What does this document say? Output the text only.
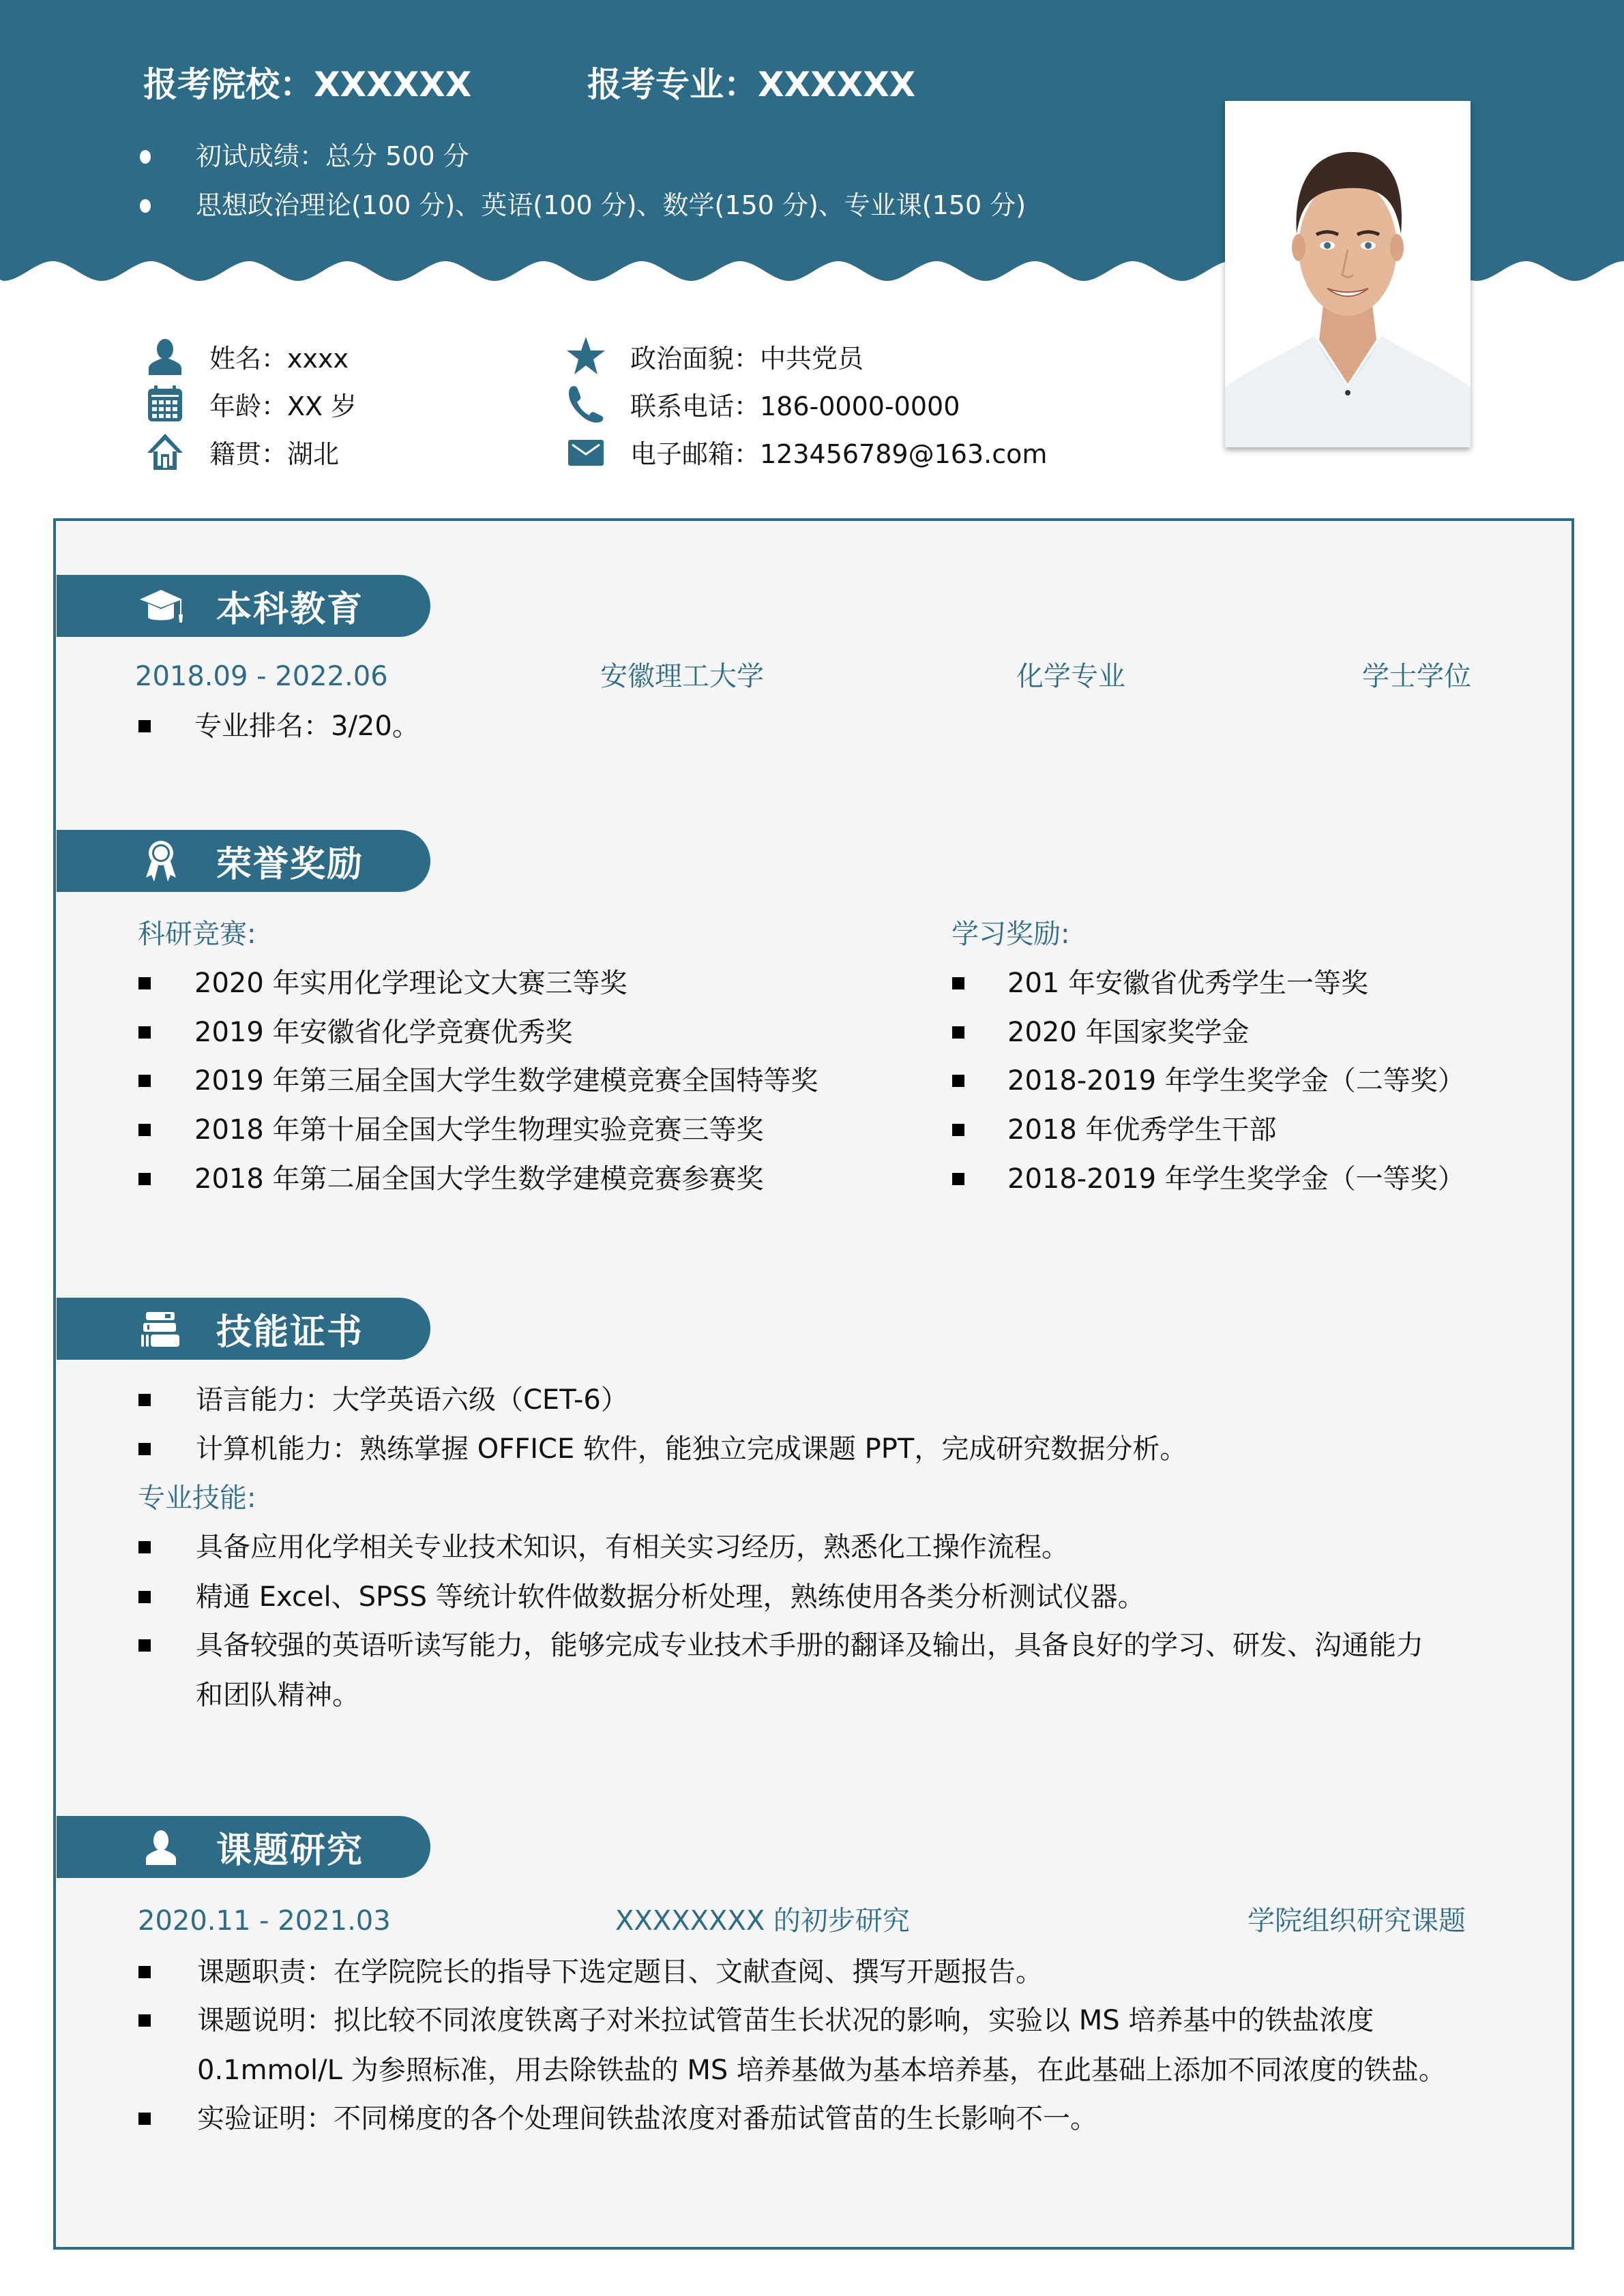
报考院校：XXXXXX	报考专业：XXXXXX
初试成绩：总分 500 分
思想政治理论(100 分)、英语(100 分)、数学(150 分)、专业课(150 分)
姓名：xxxx
年龄：XX 岁
籍贯：湖北
政治面貌：中共党员
联系电话：186-0000-0000
电子邮箱：123456789@163.com
本科教育
2018.09 - 2022.06	安徽理工大学	化学专业	学士学位
专业排名：3/20。
荣誉奖励
科研竞赛:	学习奖励:
2020 年实用化学理论文大赛三等奖
2019 年安徽省化学竞赛优秀奖
2019 年第三届全国大学生数学建模竞赛全国特等奖
2018 年第十届全国大学生物理实验竞赛三等奖
2018 年第二届全国大学生数学建模竞赛参赛奖
201 年安徽省优秀学生一等奖
2020 年国家奖学金
2018-2019 年学生奖学金（二等奖）
2018 年优秀学生干部
2018-2019 年学生奖学金（一等奖）
技能证书
语言能力：大学英语六级（CET-6）
计算机能力：熟练掌握 OFFICE 软件，能独立完成课题 PPT，完成研究数据分析。
专业技能:
具备应用化学相关专业技术知识，有相关实习经历，熟悉化工操作流程。
精通 Excel、SPSS 等统计软件做数据分析处理，熟练使用各类分析测试仪器。
具备较强的英语听读写能力，能够完成专业技术手册的翻译及输出，具备良好的学习、研发、沟通能力
和团队精神。
课题研究
2020.11 - 2021.03	XXXXXXXX 的初步研究	学院组织研究课题
课题职责：在学院院长的指导下选定题目、文献查阅、撰写开题报告。
课题说明：拟比较不同浓度铁离子对米拉试管苗生长状况的影响，实验以 MS 培养基中的铁盐浓度
0.1mmol/L 为参照标准，用去除铁盐的 MS 培养基做为基本培养基，在此基础上添加不同浓度的铁盐。
实验证明：不同梯度的各个处理间铁盐浓度对番茄试管苗的生长影响不一。
